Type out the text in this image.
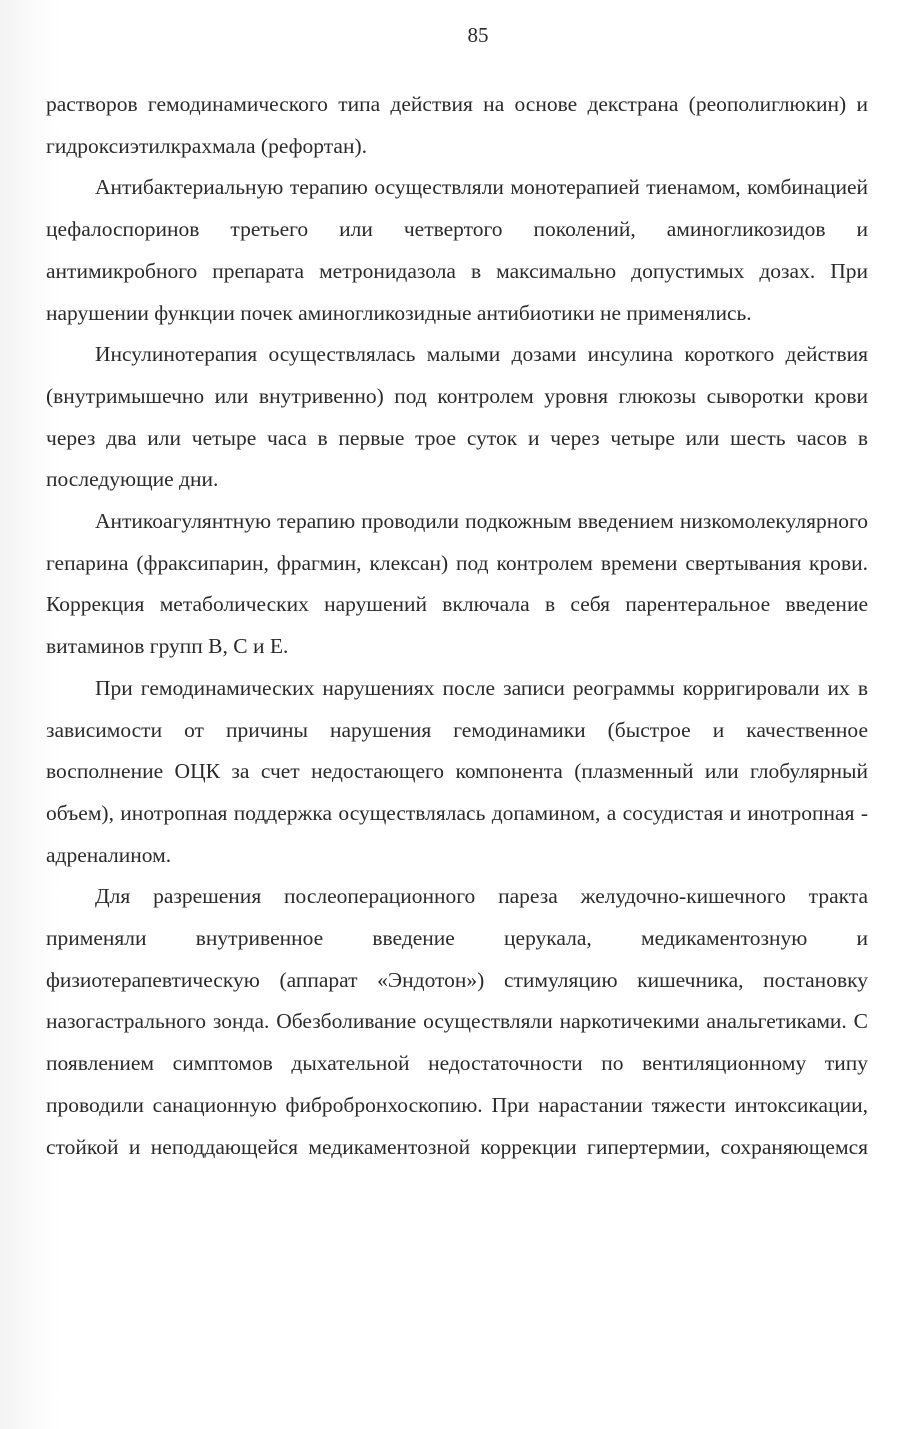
85

растворов гемодинамического типа действия на основе декстрана (реополиглюкин) и гидроксиэтилкрахмала (рефортан).

Антибактериальную терапию осуществляли монотерапией тиенамом, комбинацией цефалоспоринов третьего или четвертого поколений, аминогликозидов и антимикробного препарата метронидазола в максимально допустимых дозах. При нарушении функции почек аминогликозидные антибиотики не применялись.

Инсулинотерапия осуществлялась малыми дозами инсулина короткого действия (внутримышечно или внутривенно) под контролем уровня глюкозы сыворотки крови через два или четыре часа в первые трое суток и через четыре или шесть часов в последующие дни.

Антикоагулянтную терапию проводили подкожным введением низкомолекулярного гепарина (фраксипарин, фрагмин, клексан) под контролем времени свертывания крови. Коррекция метаболических нарушений включала в себя парентеральное введение витаминов групп В, С и Е.

При гемодинамических нарушениях после записи реограммы корригировали их в зависимости от причины нарушения гемодинамики (быстрое и качественное восполнение ОЦК за счет недостающего компонента (плазменный или глобулярный объем), инотропная поддержка осуществлялась допамином, а сосудистая и инотропная - адреналином.

Для разрешения послеоперационного пареза желудочно-кишечного тракта применяли внутривенное введение церукала, медикаментозную и физиотерапевтическую (аппарат «Эндотон») стимуляцию кишечника, постановку назогастрального зонда. Обезболивание осуществляли наркотичекими анальгетиками. С появлением симптомов дыхательной недостаточности по вентиляционному типу проводили санационную фибробронхоскопию. При нарастании тяжести интоксикации, стойкой и неподдающейся медикаментозной коррекции гипертермии, сохраняющемся
